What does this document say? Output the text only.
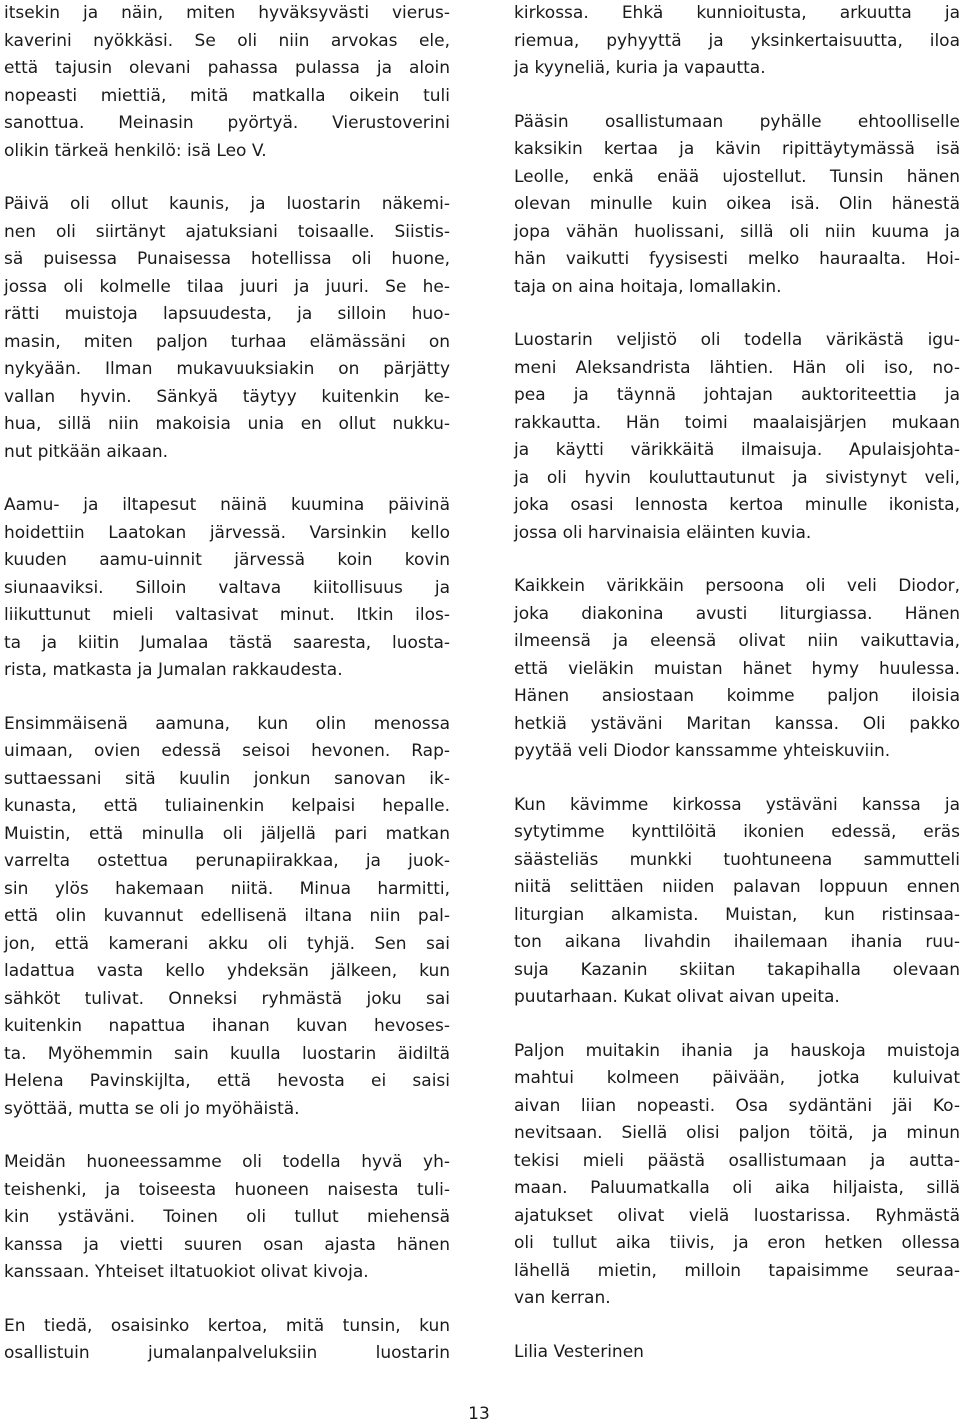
itsekin ja näin, miten hyväksyvästi vierus-
kaverini nyökkäsi. Se oli niin arvokas ele,
että tajusin olevani pahassa pulassa ja aloin
nopeasti miettiä, mitä matkalla oikein tuli
sanottua. Meinasin pyörtyä. Vierustoverini
olikin tärkeä henkilö: isä Leo V.
Päivä oli ollut kaunis, ja luostarin näkemi-
nen oli siirtänyt ajatuksiani toisaalle. Siistis-
sä puisessa Punaisessa hotellissa oli huone,
jossa oli kolmelle tilaa juuri ja juuri. Se he-
rätti muistoja lapsuudesta, ja silloin huo-
masin, miten paljon turhaa elämässäni on
nykyään. Ilman mukavuuksiakin on pärjätty
vallan hyvin. Sänkyä täytyy kuitenkin ke-
hua, sillä niin makoisia unia en ollut nukku-
nut pitkään aikaan.
Aamu- ja iltapesut näinä kuumina päivinä
hoidettiin Laatokan järvessä. Varsinkin kello
kuuden aamu-uinnit järvessä koin kovin
siunaaviksi. Silloin valtava kiitollisuus ja
liikuttunut mieli valtasivat minut. Itkin ilos-
ta ja kiitin Jumalaa tästä saaresta, luosta-
rista, matkasta ja Jumalan rakkaudesta.
Ensimmäisenä aamuna, kun olin menossa
uimaan, ovien edessä seisoi hevonen. Rap-
suttaessani sitä kuulin jonkun sanovan ik-
kunasta, että tuliainenkin kelpaisi hepalle.
Muistin, että minulla oli jäljellä pari matkan
varrelta ostettua perunapiirakkaa, ja juok-
sin ylös hakemaan niitä. Minua harmitti,
että olin kuvannut edellisenä iltana niin pal-
jon, että kamerani akku oli tyhjä. Sen sai
ladattua vasta kello yhdeksän jälkeen, kun
sähköt tulivat. Onneksi ryhmästä joku sai
kuitenkin napattua ihanan kuvan hevoses-
ta. Myöhemmin sain kuulla luostarin äidiltä
Helena Pavinskijlta, että hevosta ei saisi
syöttää, mutta se oli jo myöhäistä.
Meidän huoneessamme oli todella hyvä yh-
teishenki, ja toiseesta huoneen naisesta tuli-
kin ystäväni. Toinen oli tullut miehensä
kanssa ja vietti suuren osan ajasta hänen
kanssaan. Yhteiset iltatuokiot olivat kivoja.
En tiedä, osaisinko kertoa, mitä tunsin, kun
osallistuin jumalanpalveluksiin luostarin
kirkossa. Ehkä kunnioitusta, arkuutta ja
riemua, pyhyyttä ja yksinkertaisuutta, iloa
ja kyyneliä, kuria ja vapautta.
Pääsin osallistumaan pyhälle ehtoolliselle
kaksikin kertaa ja kävin ripittäytymässä isä
Leolle, enkä enää ujostellut. Tunsin hänen
olevan minulle kuin oikea isä. Olin hänestä
jopa vähän huolissani, sillä oli niin kuuma ja
hän vaikutti fyysisesti melko hauraalta. Hoi-
taja on aina hoitaja, lomallakin.
Luostarin veljistö oli todella värikästä igu-
meni Aleksandrista lähtien. Hän oli iso, no-
pea ja täynnä johtajan auktoriteettia ja
rakkautta. Hän toimi maalaisjärjen mukaan
ja käytti värikkäitä ilmaisuja. Apulaisjohta-
ja oli hyvin kouluttautunut ja sivistynyt veli,
joka osasi lennosta kertoa minulle ikonista,
jossa oli harvinaisia eläinten kuvia.
Kaikkein värikkäin persoona oli veli Diodor,
joka diakonina avusti liturgiassa. Hänen
ilmeensä ja eleensä olivat niin vaikuttavia,
että vieläkin muistan hänet hymy huulessa.
Hänen ansiostaan koimme paljon iloisia
hetkiä ystäväni Maritan kanssa. Oli pakko
pyytää veli Diodor kanssamme yhteiskuviin.
Kun kävimme kirkossa ystäväni kanssa ja
sytytimme kynttilöitä ikonien edessä, eräs
säästeliäs munkki tuohtuneena sammutteli
niitä selittäen niiden palavan loppuun ennen
liturgian alkamista. Muistan, kun ristinsaa-
ton aikana livahdin ihailemaan ihania ruu-
suja Kazanin skiitan takapihalla olevaan
puutarhaan. Kukat olivat aivan upeita.
Paljon muitakin ihania ja hauskoja muistoja
mahtui kolmeen päivään, jotka kuluivat
aivan liian nopeasti. Osa sydäntäni jäi Ko-
nevitsaan. Siellä olisi paljon töitä, ja minun
tekisi mieli päästä osallistumaan ja autta-
maan. Paluumatkalla oli aika hiljaista, sillä
ajatukset olivat vielä luostarissa. Ryhmästä
oli tullut aika tiivis, ja eron hetken ollessa
lähellä mietin, milloin tapaisimme seuraa-
van kerran.
Lilia Vesterinen
13
